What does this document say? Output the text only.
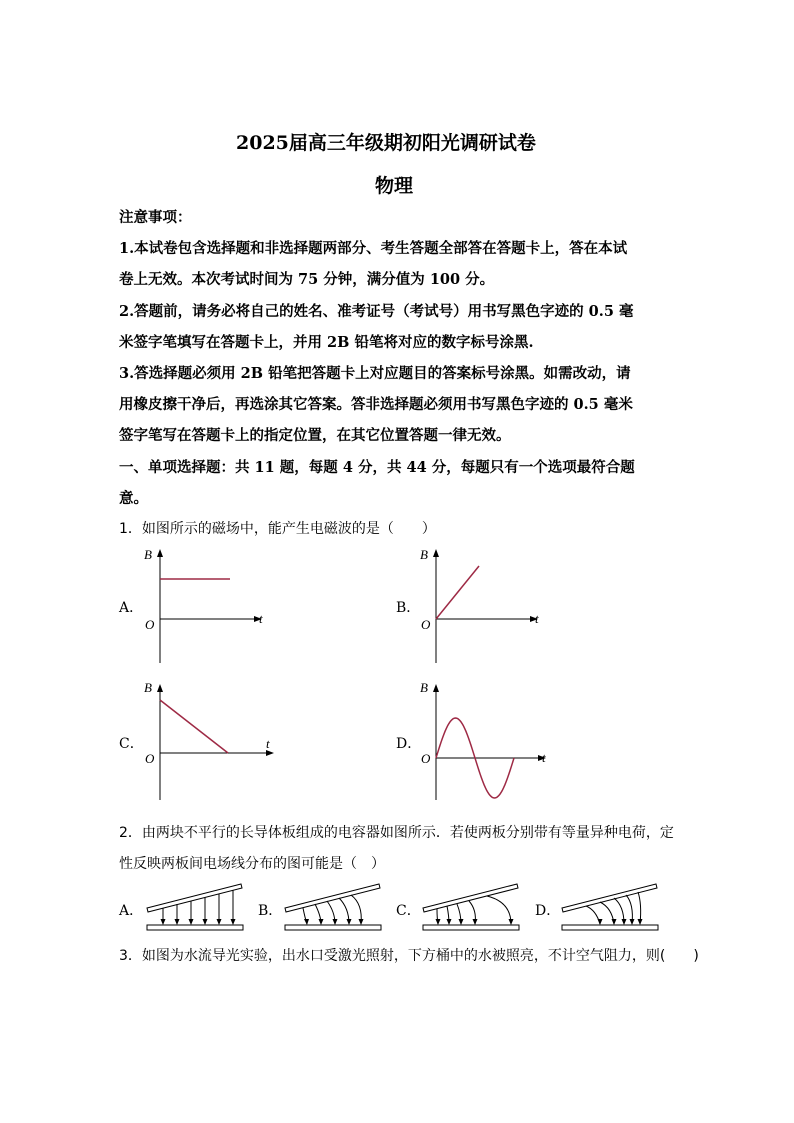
2025届高三年级期初阳光调研试卷
物理
注意事项：
1.本试卷包含选择题和非选择题两部分、考生答题全部答在答题卡上，答在本试
卷上无效。本次考试时间为 75 分钟，满分值为 100 分。
2.答题前，请务必将自己的姓名、准考证号（考试号）用书写黑色字迹的 0.5 毫
米签字笔填写在答题卡上，并用 2B 铅笔将对应的数字标号涂黑.
3.答选择题必须用 2B 铅笔把答题卡上对应题目的答案标号涂黑。如需改动，请
用橡皮擦干净后，再选涂其它答案。答非选择题必须用书写黑色字迹的 0.5 毫米
签字笔写在答题卡上的指定位置，在其它位置答题一律无效。
一、单项选择题：共 11 题，每题 4 分，共 44 分，每题只有一个选项最符合题
意。
1．如图所示的磁场中，能产生电磁波的是（　　）
A．	B．
C．	D．
B
t
O
B
t
O
B
t
O
B
t
O
2．由两块不平行的长导体板组成的电容器如图所示．若使两板分别带有等量异种电荷，定
性反映两板间电场线分布的图可能是（　）
A．	B．	C．	D．
3．如图为水流导光实验，出水口受激光照射，下方桶中的水被照亮，不计空气阻力，则(　　)
